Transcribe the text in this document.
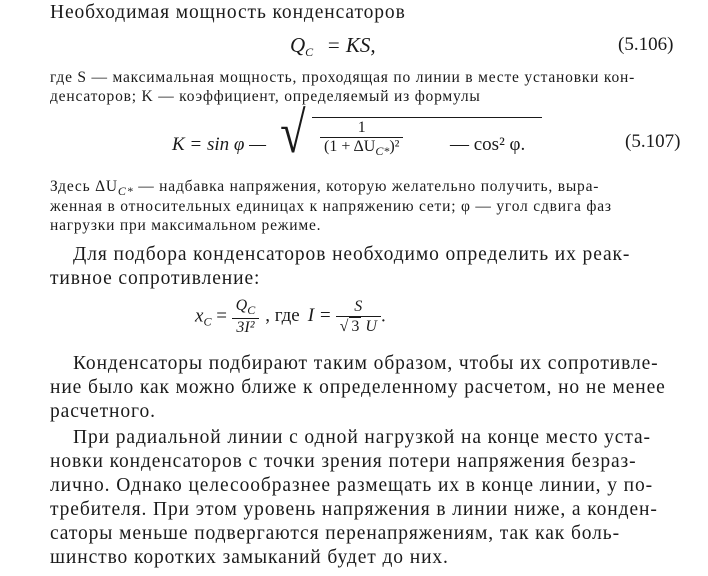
Необходимая мощность конденсаторов
$Q_C$ = KS,	(5.106)
где S — максимальная мощность, проходящая по линии в месте установки кон-
денсаторов; K — коэффициент, определяемый из формулы
K = sin φ — √ $\frac{1}{(1 + \Delta U_{C*})^2}$ — cos² φ.	(5.107)
Здесь $\Delta U_{C*}$ — надбавка напряжения, которую желательно получить, выра-
женная в относительных единицах к напряжению сети; φ — угол сдвига фаз
нагрузки при максимальном режиме.
Для подбора конденсаторов необходимо определить их реак-
тивное сопротивление:
$x_C = \frac{Q_C}{\text{3I²}}$ , где $I = \frac{S}{√ 3 U}$ .
Конденсаторы подбирают таким образом, чтобы их сопротивле-
ние было как можно ближе к определенному расчетом, но не менее
расчетного.
При радиальной линии с одной нагрузкой на конце место уста-
новки конденсаторов с точки зрения потери напряжения безраз-
лично. Однако целесообразнее размещать их в конце линии, у по-
требителя. При этом уровень напряжения в линии ниже, а конден-
саторы меньше подвергаются перенапряжениям, так как боль-
шинство коротких замыканий будет до них.
